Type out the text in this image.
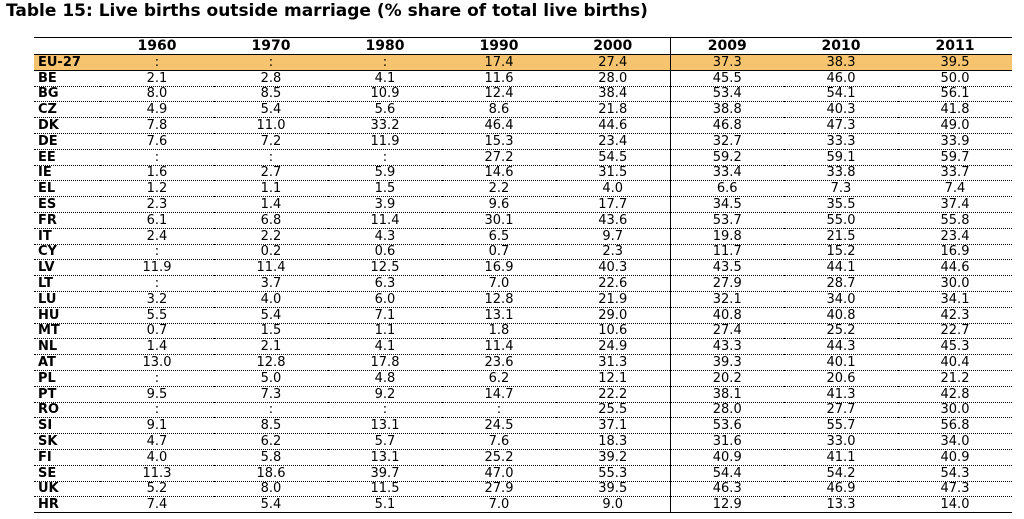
Table 15: Live births outside marriage (% share of total live births)
	1960	1970	1980	1990	2000	2009	2010	2011
EU-27	:	:	:	17.4	27.4	37.3	38.3	39.5
BE	2.1	2.8	4.1	11.6	28.0	45.5	46.0	50.0
BG	8.0	8.5	10.9	12.4	38.4	53.4	54.1	56.1
CZ	4.9	5.4	5.6	8.6	21.8	38.8	40.3	41.8
DK	7.8	11.0	33.2	46.4	44.6	46.8	47.3	49.0
DE	7.6	7.2	11.9	15.3	23.4	32.7	33.3	33.9
EE	:	:	:	27.2	54.5	59.2	59.1	59.7
IE	1.6	2.7	5.9	14.6	31.5	33.4	33.8	33.7
EL	1.2	1.1	1.5	2.2	4.0	6.6	7.3	7.4
ES	2.3	1.4	3.9	9.6	17.7	34.5	35.5	37.4
FR	6.1	6.8	11.4	30.1	43.6	53.7	55.0	55.8
IT	2.4	2.2	4.3	6.5	9.7	19.8	21.5	23.4
CY	:	0.2	0.6	0.7	2.3	11.7	15.2	16.9
LV	11.9	11.4	12.5	16.9	40.3	43.5	44.1	44.6
LT	:	3.7	6.3	7.0	22.6	27.9	28.7	30.0
LU	3.2	4.0	6.0	12.8	21.9	32.1	34.0	34.1
HU	5.5	5.4	7.1	13.1	29.0	40.8	40.8	42.3
MT	0.7	1.5	1.1	1.8	10.6	27.4	25.2	22.7
NL	1.4	2.1	4.1	11.4	24.9	43.3	44.3	45.3
AT	13.0	12.8	17.8	23.6	31.3	39.3	40.1	40.4
PL	:	5.0	4.8	6.2	12.1	20.2	20.6	21.2
PT	9.5	7.3	9.2	14.7	22.2	38.1	41.3	42.8
RO	:	:	:	:	25.5	28.0	27.7	30.0
SI	9.1	8.5	13.1	24.5	37.1	53.6	55.7	56.8
SK	4.7	6.2	5.7	7.6	18.3	31.6	33.0	34.0
FI	4.0	5.8	13.1	25.2	39.2	40.9	41.1	40.9
SE	11.3	18.6	39.7	47.0	55.3	54.4	54.2	54.3
UK	5.2	8.0	11.5	27.9	39.5	46.3	46.9	47.3
HR	7.4	5.4	5.1	7.0	9.0	12.9	13.3	14.0
